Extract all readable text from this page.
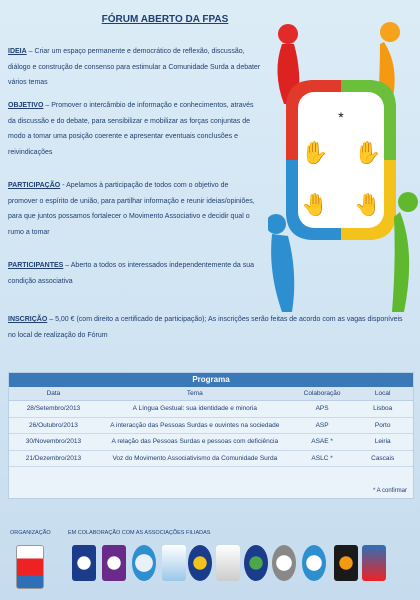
FÓRUM ABERTO DA FPAS
IDEIA – Criar um espaço permanente e democrático de reflexão, discussão, diálogo e construção de consenso para estimular a Comunidade Surda a debater vários temas
OBJETIVO – Promover o intercâmbio de informação e conhecimentos, através da discussão e do debate, para sensibilizar e mobilizar as forças conjuntas de modo a tomar uma posição coerente e apresentar eventuais conclusões e reivindicações
PARTICIPAÇÃO - Apelamos à participação de todos com o objetivo de promover o espírito de união, para partilhar informação e reunir ideias/opiniões, para que juntos possamos fortalecer o Movimento Associativo e decidir qual o rumo a tomar
PARTICIPANTES – Aberto a todos os interessados independentemente da sua condição associativa
INSCRIÇÃO – 5,00 € (com direito a certificado de participação); As inscrições serão feitas de acordo com as vagas disponíveis no local de realização do Fórum
*
✋ ✋
🤚 🤚
Programa
Data	Tema	Colaboração	Local
28/Setembro/2013	A Língua Gestual: sua identidade e minoria	APS	Lisboa
26/Outubro/2013	A interacção das Pessoas Surdas e ouvintes na sociedade	ASP	Porto
30/Novembro/2013	A relação das Pessoas Surdas e pessoas com deficiência	ASAE *	Leiria
21/Dezembro/2013	Voz do Movimento Associativismo da Comunidade Surda	ASLC *	Cascais
* A confirmar
ORGANIZAÇÃO	EM COLABORAÇÃO COM AS ASSOCIAÇÕES FILIADAS
